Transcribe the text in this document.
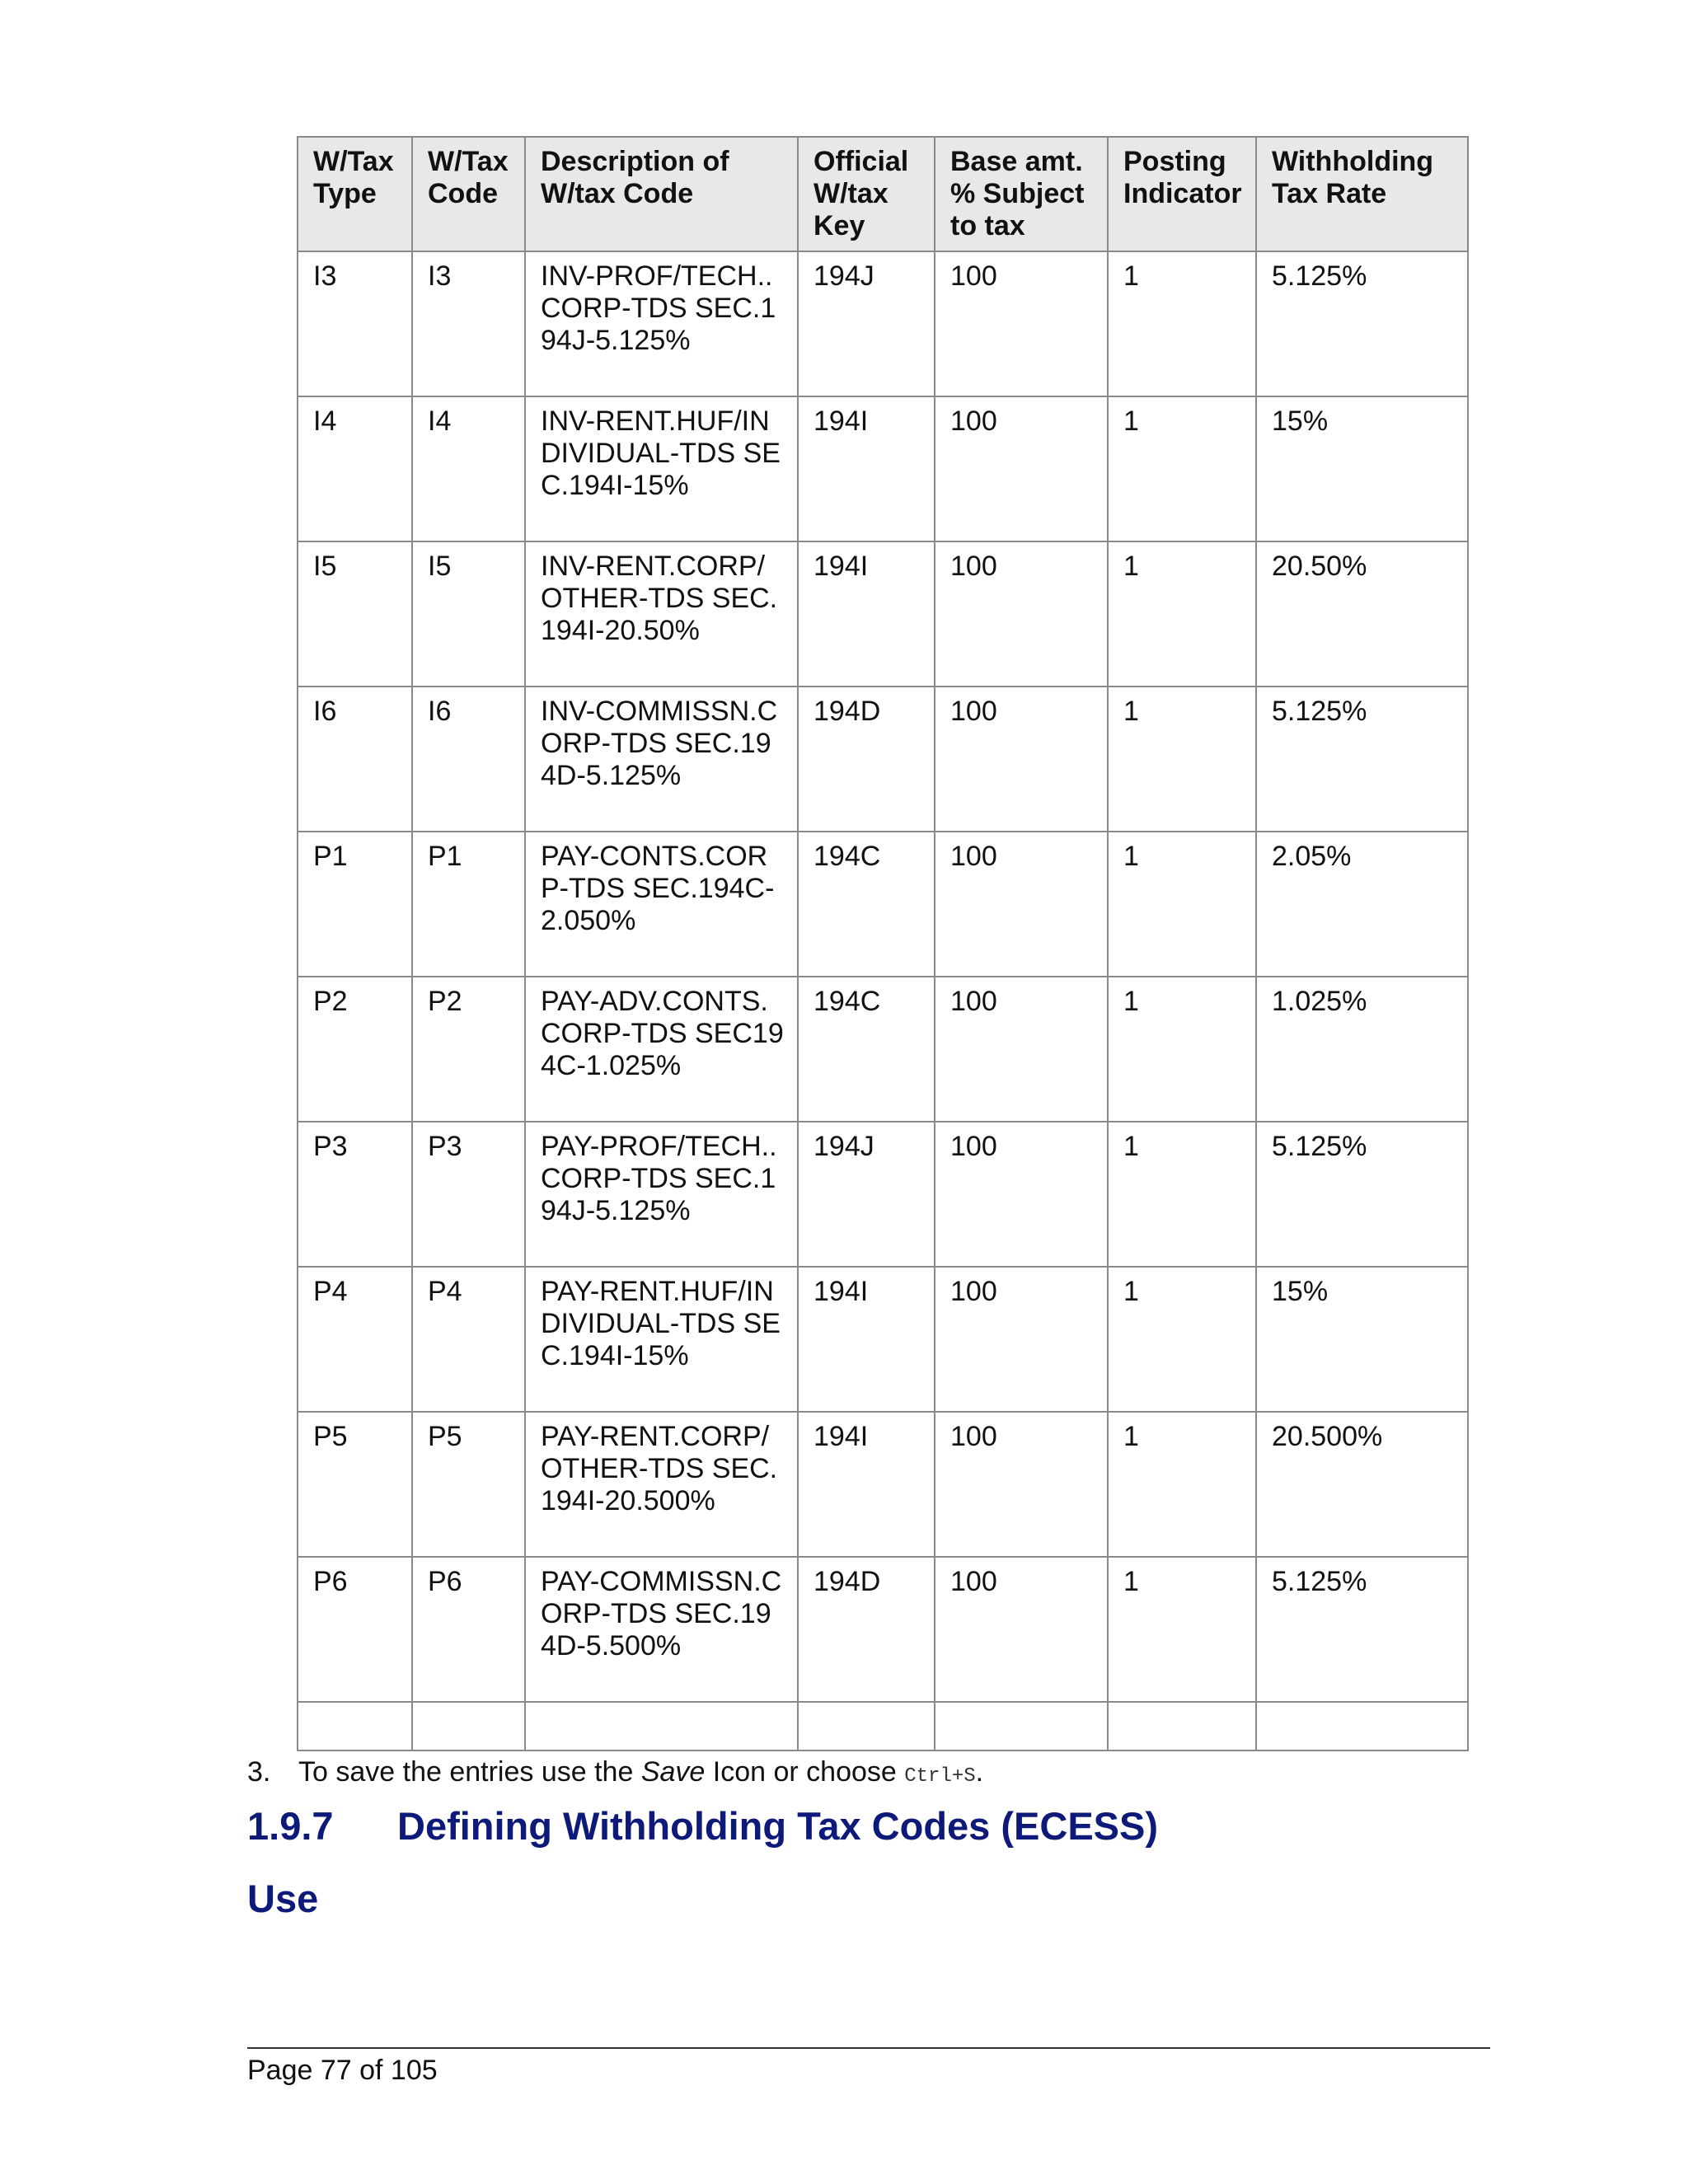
W/Tax Type	W/Tax Code	Description of W/tax Code	Official W/tax Key	Base amt. % Subject to tax	Posting Indicator	Withholding Tax Rate
I3	I3	INV-PROF/TECH..CORP-TDS SEC.194J-5.125%	194J	100	1	5.125%
I4	I4	INV-RENT.HUF/INDIVIDUAL-TDS SEC.194I-15%	194I	100	1	15%
I5	I5	INV-RENT.CORP/OTHER-TDS SEC.194I-20.50%	194I	100	1	20.50%
I6	I6	INV-COMMISSN.CORP-TDS SEC.194D-5.125%	194D	100	1	5.125%
P1	P1	PAY-CONTS.CORP-TDS SEC.194C-2.050%	194C	100	1	2.05%
P2	P2	PAY-ADV.CONTS.CORP-TDS SEC194C-1.025%	194C	100	1	1.025%
P3	P3	PAY-PROF/TECH..CORP-TDS SEC.194J-5.125%	194J	100	1	5.125%
P4	P4	PAY-RENT.HUF/INDIVIDUAL-TDS SEC.194I-15%	194I	100	1	15%
P5	P5	PAY-RENT.CORP/OTHER-TDS SEC.194I-20.500%	194I	100	1	20.500%
P6	P6	PAY-COMMISSN.CORP-TDS SEC.194D-5.500%	194D	100	1	5.125%

3. To save the entries use the Save Icon or choose Ctrl+S.
1.9.7 Defining Withholding Tax Codes (ECESS)
Use
Page 77 of 105
